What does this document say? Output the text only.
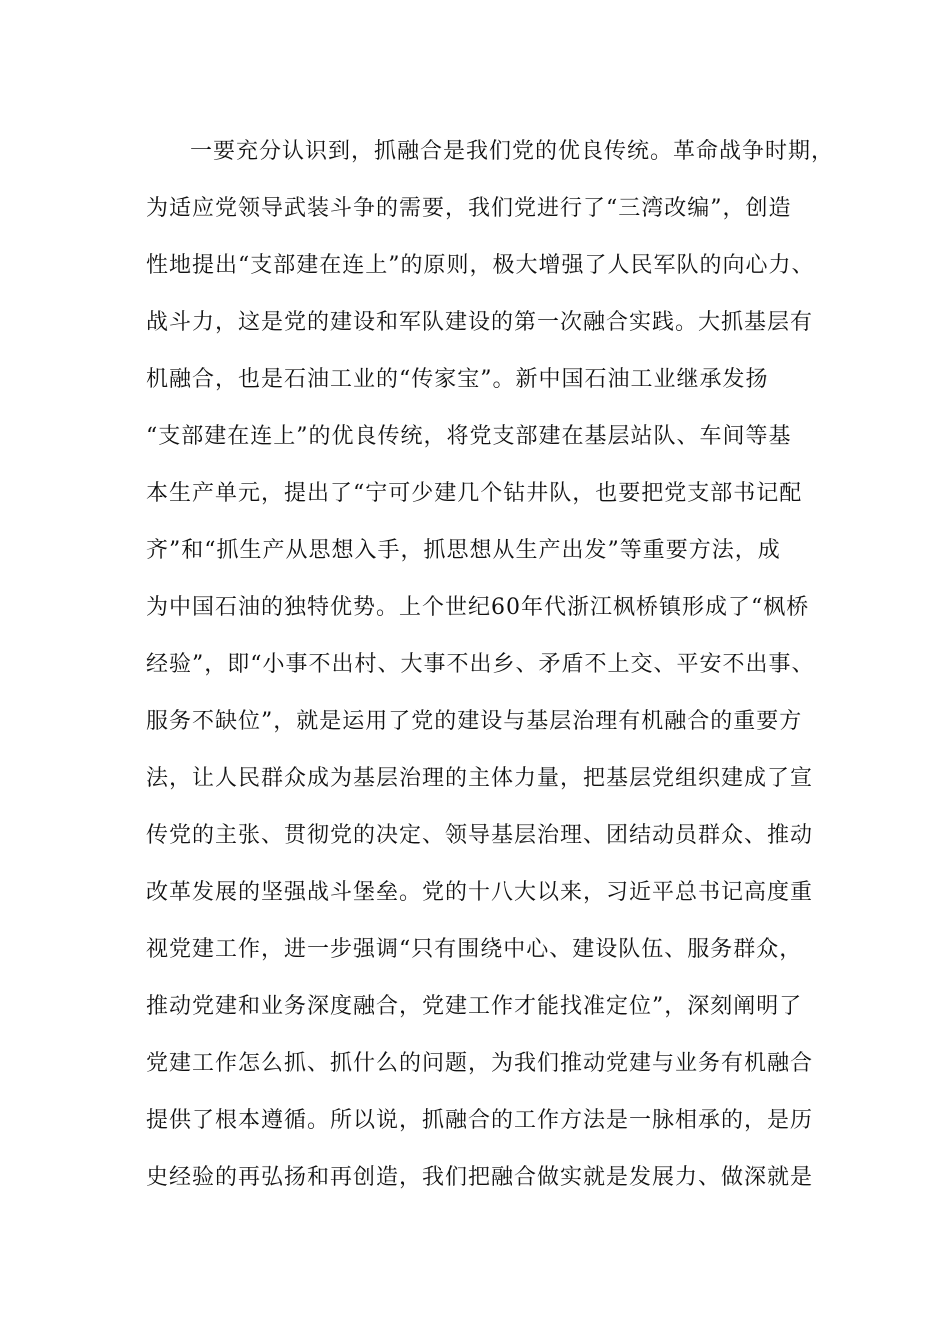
一要充分认识到，抓融合是我们党的优良传统。革命战争时期，
为适应党领导武装斗争的需要，我们党进行了“三湾改编”，创造
性地提出“支部建在连上”的原则，极大增强了人民军队的向心力、
战斗力，这是党的建设和军队建设的第一次融合实践。大抓基层有
机融合，也是石油工业的“传家宝”。新中国石油工业继承发扬
“支部建在连上”的优良传统，将党支部建在基层站队、车间等基
本生产单元，提出了“宁可少建几个钻井队，也要把党支部书记配
齐”和“抓生产从思想入手，抓思想从生产出发”等重要方法，成
为中国石油的独特优势。上个世纪60年代浙江枫桥镇形成了“枫桥
经验”，即“小事不出村、大事不出乡、矛盾不上交、平安不出事、
服务不缺位”，就是运用了党的建设与基层治理有机融合的重要方
法，让人民群众成为基层治理的主体力量，把基层党组织建成了宣
传党的主张、贯彻党的决定、领导基层治理、团结动员群众、推动
改革发展的坚强战斗堡垒。党的十八大以来，习近平总书记高度重
视党建工作，进一步强调“只有围绕中心、建设队伍、服务群众，
推动党建和业务深度融合，党建工作才能找准定位”，深刻阐明了
党建工作怎么抓、抓什么的问题，为我们推动党建与业务有机融合
提供了根本遵循。所以说，抓融合的工作方法是一脉相承的，是历
史经验的再弘扬和再创造，我们把融合做实就是发展力、做深就是
